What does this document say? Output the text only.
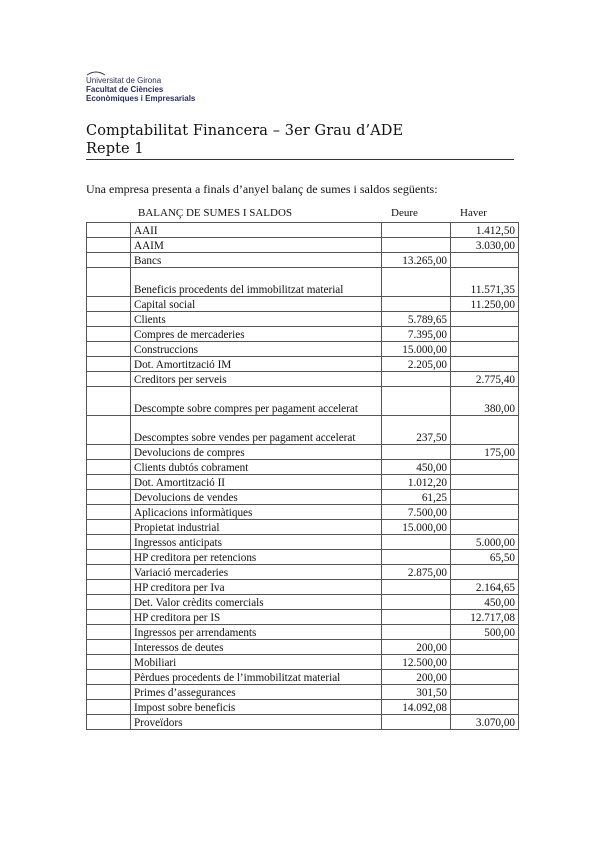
Universitat de Girona
Facultat de Ciències
Econòmiques i Empresarials
Comptabilitat Financera – 3er Grau d’ADE
Repte 1
Una empresa presenta a finals d’anyel balanç de sumes i saldos següents:
BALANÇ DE SUMES I SALDOS	Deure	Haver
	AAII		1.412,50
	AAIM		3.030,00
	Bancs	13.265,00	
	Beneficis procedents del immobilitzat material		11.571,35
	Capital social		11.250,00
	Clients	5.789,65	
	Compres de mercaderies	7.395,00	
	Construccions	15.000,00	
	Dot. Amortització IM	2.205,00	
	Creditors per serveis		2.775,40
	Descompte sobre compres per pagament accelerat		380,00
	Descomptes sobre vendes per pagament accelerat	237,50	
	Devolucions de compres		175,00
	Clients dubtós cobrament	450,00	
	Dot. Amortització II	1.012,20	
	Devolucions de vendes	61,25	
	Aplicacions informàtiques	7.500,00	
	Propietat industrial	15.000,00	
	Ingressos anticipats		5.000,00
	HP creditora per retencions		65,50
	Variació mercaderies	2.875,00	
	HP creditora per Iva		2.164,65
	Det. Valor crèdits comercials		450,00
	HP creditora per IS		12.717,08
	Ingressos per arrendaments		500,00
	Interessos de deutes	200,00	
	Mobiliari	12.500,00	
	Pèrdues procedents de l’immobilitzat material	200,00	
	Primes d’assegurances	301,50	
	Impost sobre beneficis	14.092,08	
	Proveïdors		3.070,00
